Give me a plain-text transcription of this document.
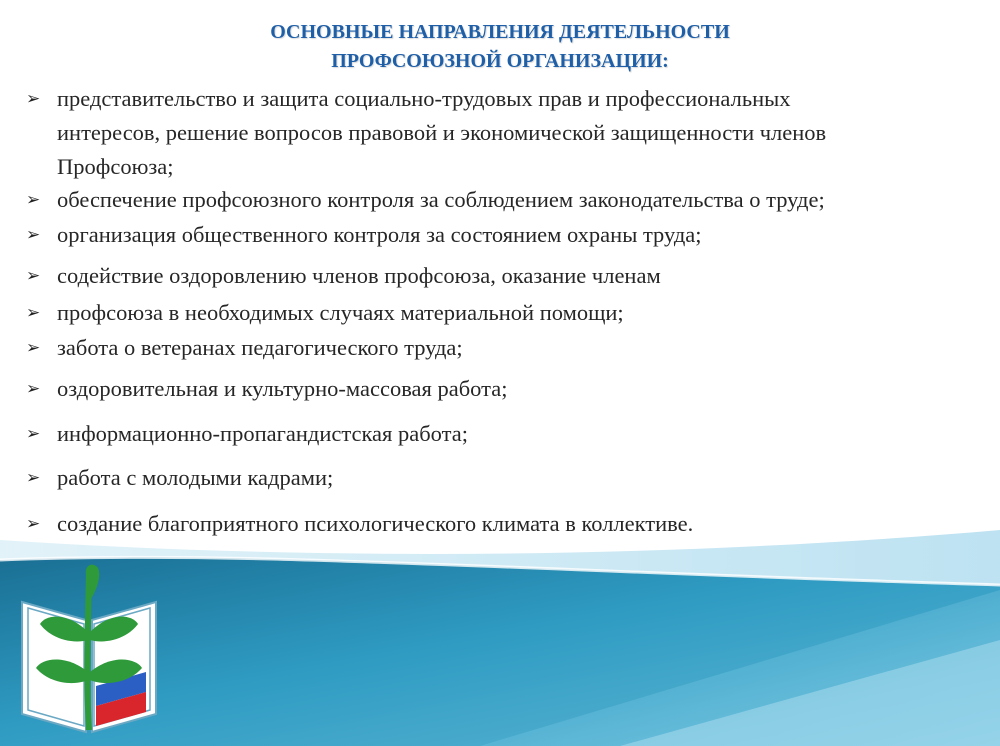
ОСНОВНЫЕ НАПРАВЛЕНИЯ ДЕЯТЕЛЬНОСТИ
ПРОФСОЮЗНОЙ ОРГАНИЗАЦИИ:
➢ представительство и защита социально-трудовых прав и профессиональных
интересов, решение вопросов правовой и экономической защищенности членов
Профсоюза;
➢ обеспечение профсоюзного контроля за соблюдением законодательства о труде;
➢ организация общественного контроля за состоянием охраны труда;
➢ содействие оздоровлению членов профсоюза, оказание членам
➢ профсоюза в необходимых случаях материальной помощи;
➢ забота о ветеранах педагогического труда;
➢ оздоровительная и культурно-массовая работа;
➢ информационно-пропагандистская работа;
➢ работа с молодыми кадрами;
➢ создание благоприятного психологического климата в коллективе.
